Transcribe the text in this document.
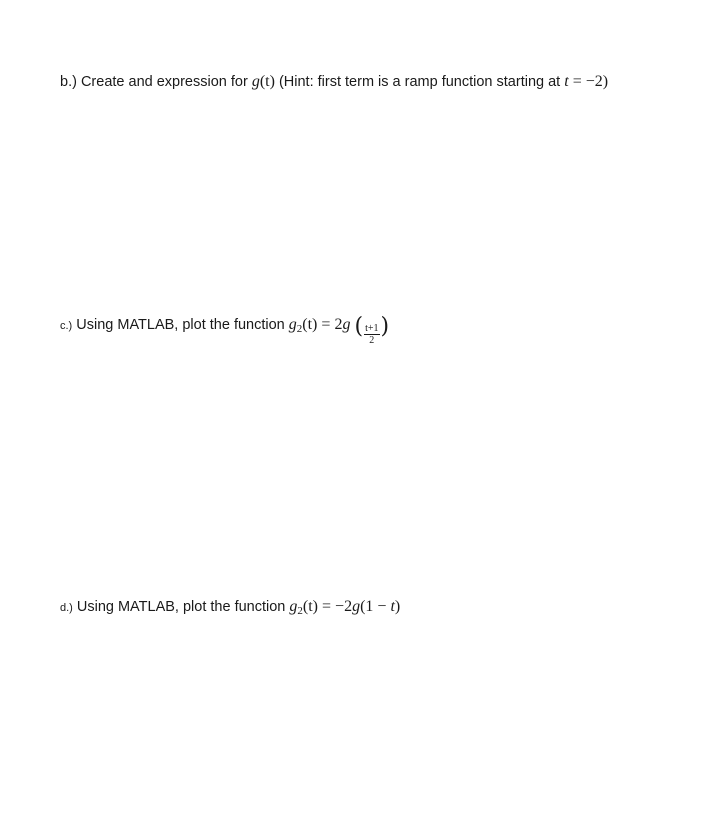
b.) Create and expression for g(t) (Hint: first term is a ramp function starting at t = −2)
c.) Using MATLAB, plot the function $g_2(t) = 2g$ ( $\frac{t+1}{2}$ )
d.) Using MATLAB, plot the function $g_2(t) = -2g(1 - t)$
